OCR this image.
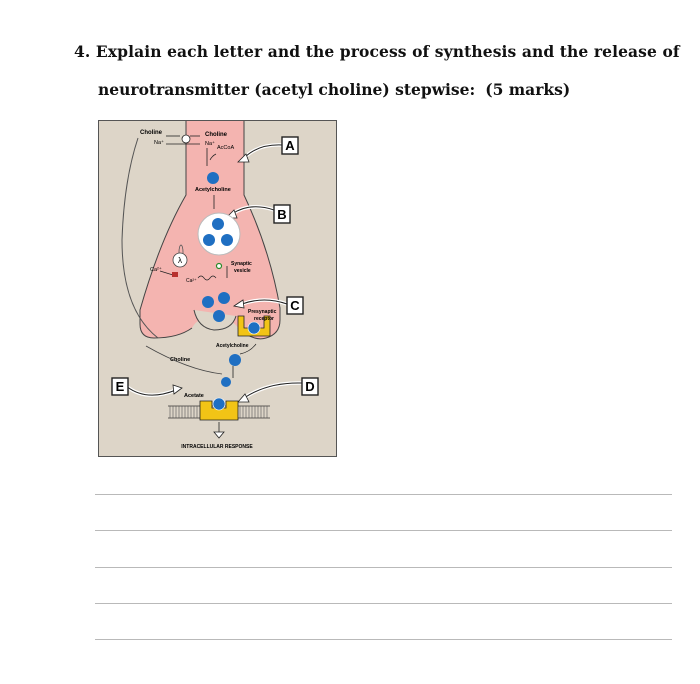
4. Explain each letter and the process of synthesis and the release of
neurotransmitter (acetyl choline) stepwise: (5 marks)
Choline
Na⁺
Choline
Na⁺
AcCoA	A
Acetylcholine
B
λ
Ca²⁺
Ca²⁺
Synaptic
vesicle
Presynaptic
receptor
C
Acetylcholine
Choline
E
Acetate
D
INTRACELLULAR RESPONSE
